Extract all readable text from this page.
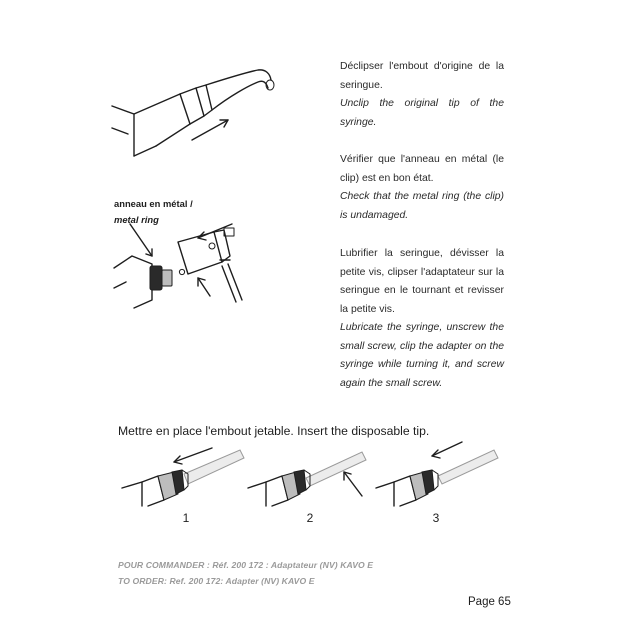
anneau en métal /
metal ring

Déclipser l'embout d'origine de la seringue.

Unclip the original tip of the syringe.

Vérifier que l'anneau en métal (le clip) est en bon état.

Check that the metal ring (the clip) is undamaged.

Lubrifier la seringue, dévisser la petite vis, clipser l'adaptateur sur la seringue en le tournant et revisser la petite vis.

Lubricate the syringe, unscrew the small screw, clip the adapter on the syringe while turning it, and screw again the small screw.

Mettre en place l'embout jetable. Insert the disposable tip.
1	2	3
POUR COMMANDER : Réf. 200 172 : Adaptateur (NV) KAVO E
TO ORDER: Ref. 200 172: Adapter (NV) KAVO E
Page 65
